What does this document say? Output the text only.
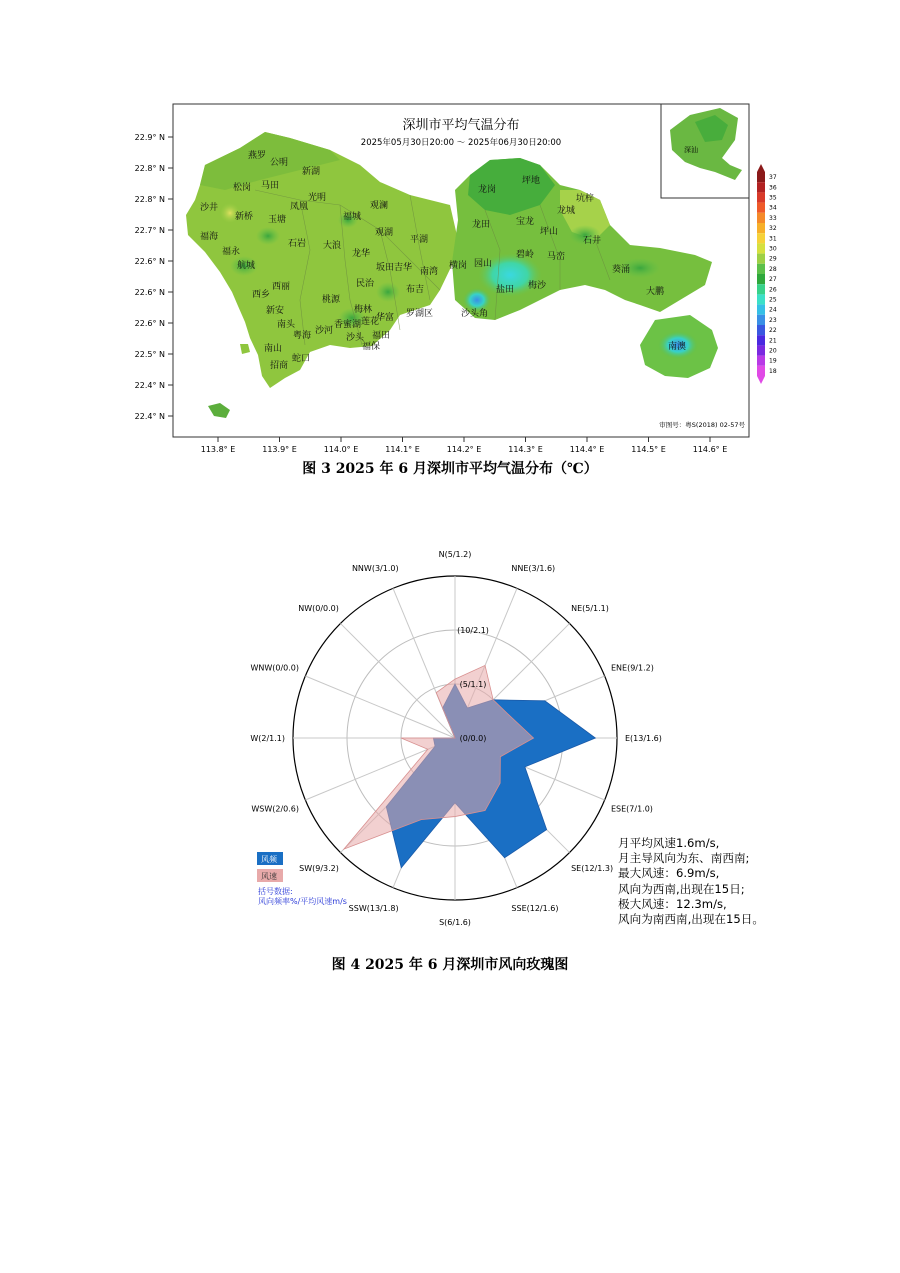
深圳市平均气温分布
2025年05月30日20:00 ～ 2025年06月30日20:00
深汕
审图号：粤S(2018) 02-57号
22.9° N
22.8° N
22.8° N
22.7° N
22.6° N
22.6° N
22.6° N
22.5° N
22.4° N
22.4° N
113.8° E	113.9° E	114.0° E	114.1° E	114.2° E	114.3° E	114.4° E	114.5° E	114.6° E
燕罗
公明
新湖
松岗 马田
光明
凤凰
沙井
新桥 玉塘	福城
观澜
观湖
福海
石岩 大浪
平湖
福永	龙华
航城	坂田 吉华 南湾
西丽	民治
西乡	桃源
布吉
新安	梅林
华富 罗湖区
南头	香蜜湖 莲花
沙河
粤海	沙头 福田
南山	福保
蛇口
招商
龙岗
坪地
坑梓
龙城
宝龙
龙田
坪山
石井
碧岭 马峦
横岗 园山
葵涌
盐田 梅沙
大鹏
沙头角
南澳
37
36
35
34
33
32
31
30
29
28
27
26
25
24
23
22
21
20
19
18
图 3 2025 年 6 月深圳市平均气温分布（℃）
(0/0.0)
(5/1.1)
(10/2.1)
N(5/1.2)
NNE(3/1.6)
NE(5/1.1)
ENE(9/1.2)
E(13/1.6)
ESE(7/1.0)
SE(12/1.3)
SSE(12/1.6)
S(6/1.6)
SSW(13/1.8)
SW(9/3.2)
WSW(2/0.6)
W(2/1.1)
WNW(0/0.0)
NW(0/0.0)
NNW(3/1.0)
风频
风速
括号数据:
风向频率%/平均风速m/s
月平均风速1.6m/s,
月主导风向为东、南西南;
最大风速：6.9m/s,
风向为西南,出现在15日;
极大风速：12.3m/s,
风向为南西南,出现在15日。
图 4 2025 年 6 月深圳市风向玫瑰图
